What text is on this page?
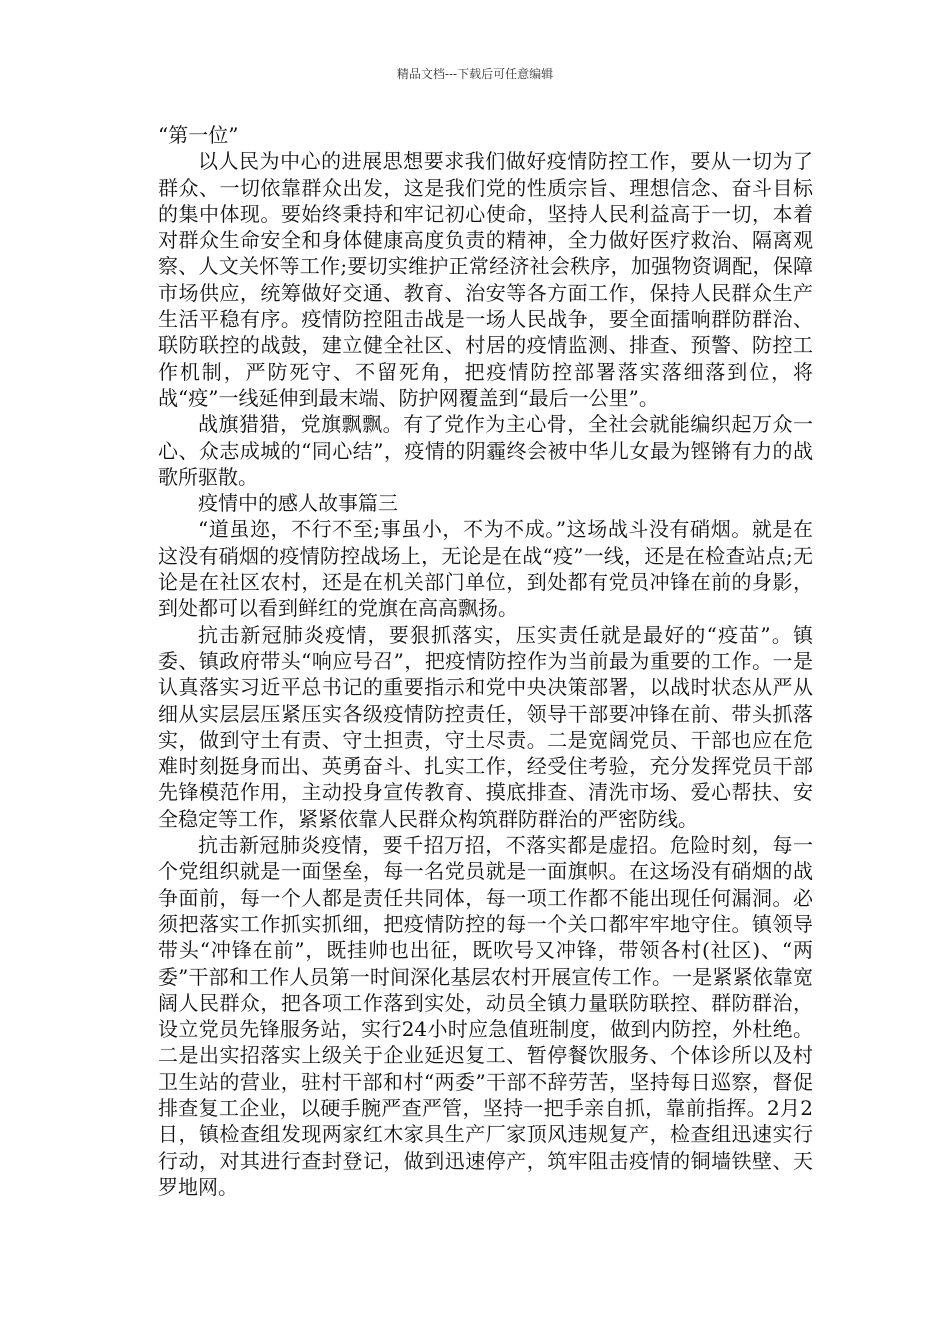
精品文档---下载后可任意编辑

“第一位”

以人民为中心的进展思想要求我们做好疫情防控工作，要从一切为了群众、一切依靠群众出发，这是我们党的性质宗旨、理想信念、奋斗目标的集中体现。要始终秉持和牢记初心使命，坚持人民利益高于一切，本着对群众生命安全和身体健康高度负责的精神，全力做好医疗救治、隔离观察、人文关怀等工作;要切实维护正常经济社会秩序，加强物资调配，保障市场供应，统筹做好交通、教育、治安等各方面工作，保持人民群众生产生活平稳有序。疫情防控阻击战是一场人民战争，要全面擂响群防群治、联防联控的战鼓，建立健全社区、村居的疫情监测、排查、预警、防控工作机制，严防死守、不留死角，把疫情防控部署落实落细落到位，将战“疫”一线延伸到最末端、防护网覆盖到“最后一公里”。

战旗猎猎，党旗飘飘。有了党作为主心骨，全社会就能编织起万众一心、众志成城的“同心结”，疫情的阴霾终会被中华儿女最为铿锵有力的战歌所驱散。

疫情中的感人故事篇三

“道虽迩，不行不至;事虽小，不为不成。”这场战斗没有硝烟。就是在这没有硝烟的疫情防控战场上，无论是在战“疫”一线，还是在检查站点;无论是在社区农村，还是在机关部门单位，到处都有党员冲锋在前的身影，到处都可以看到鲜红的党旗在高高飘扬。

抗击新冠肺炎疫情，要狠抓落实，压实责任就是最好的“疫苗”。镇委、镇政府带头“响应号召”，把疫情防控作为当前最为重要的工作。一是认真落实习近平总书记的重要指示和党中央决策部署，以战时状态从严从细从实层层压紧压实各级疫情防控责任，领导干部要冲锋在前、带头抓落实，做到守土有责、守土担责，守土尽责。二是宽阔党员、干部也应在危难时刻挺身而出、英勇奋斗、扎实工作，经受住考验，充分发挥党员干部先锋模范作用，主动投身宣传教育、摸底排查、清洗市场、爱心帮扶、安全稳定等工作，紧紧依靠人民群众构筑群防群治的严密防线。

抗击新冠肺炎疫情，要千招万招，不落实都是虚招。危险时刻，每一个党组织就是一面堡垒，每一名党员就是一面旗帜。在这场没有硝烟的战争面前，每一个人都是责任共同体，每一项工作都不能出现任何漏洞。必须把落实工作抓实抓细，把疫情防控的每一个关口都牢牢地守住。镇领导带头“冲锋在前”，既挂帅也出征，既吹号又冲锋，带领各村(社区)、“两委”干部和工作人员第一时间深化基层农村开展宣传工作。一是紧紧依靠宽阔人民群众，把各项工作落到实处，动员全镇力量联防联控、群防群治，设立党员先锋服务站，实行24小时应急值班制度，做到内防控，外杜绝。二是出实招落实上级关于企业延迟复工、暂停餐饮服务、个体诊所以及村卫生站的营业，驻村干部和村“两委”干部不辞劳苦，坚持每日巡察，督促排查复工企业，以硬手腕严查严管，坚持一把手亲自抓，靠前指挥。2月2日，镇检查组发现两家红木家具生产厂家顶风违规复产，检查组迅速实行行动，对其进行查封登记，做到迅速停产，筑牢阻击疫情的铜墙铁壁、天罗地网。
